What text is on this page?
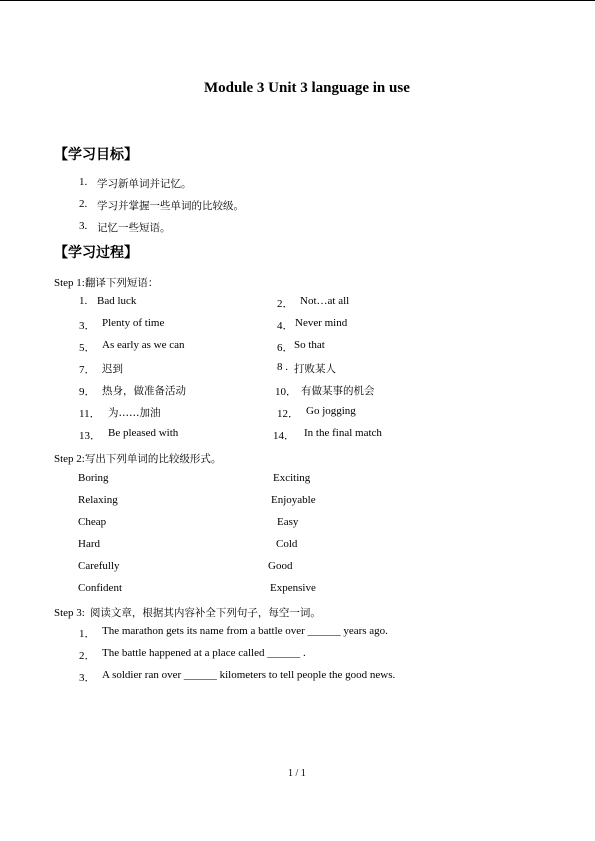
Module 3 Unit 3 language in use
【学习目标】
1. 学习新单词并记忆。
2. 学习并掌握一些单词的比较级。
3. 记忆一些短语。
【学习过程】
Step 1:翻译下列短语：
1. Bad luck
3． Plenty of time
5． As early as we can
7． 迟到
9． 热身，做准备活动
11． 为……加油
13． Be pleased with
2． Not…at all
4． Never mind
6． So that
8 . 打败某人
10． 有做某事的机会
12． Go jogging
14． In the final match
Step 2:写出下列单词的比较级形式。
Boring
Relaxing
Cheap
Hard
Carefully
Confident
Exciting
Enjoyable
Easy
Cold
Good
Expensive
Step 3: 阅读文章，根据其内容补全下列句子，每空一词。
1． The marathon gets its name from a battle over ______ years ago.
2． The battle happened at a place called ______ .
3． A soldier ran over ______ kilometers to tell people the good news.
1 / 1
